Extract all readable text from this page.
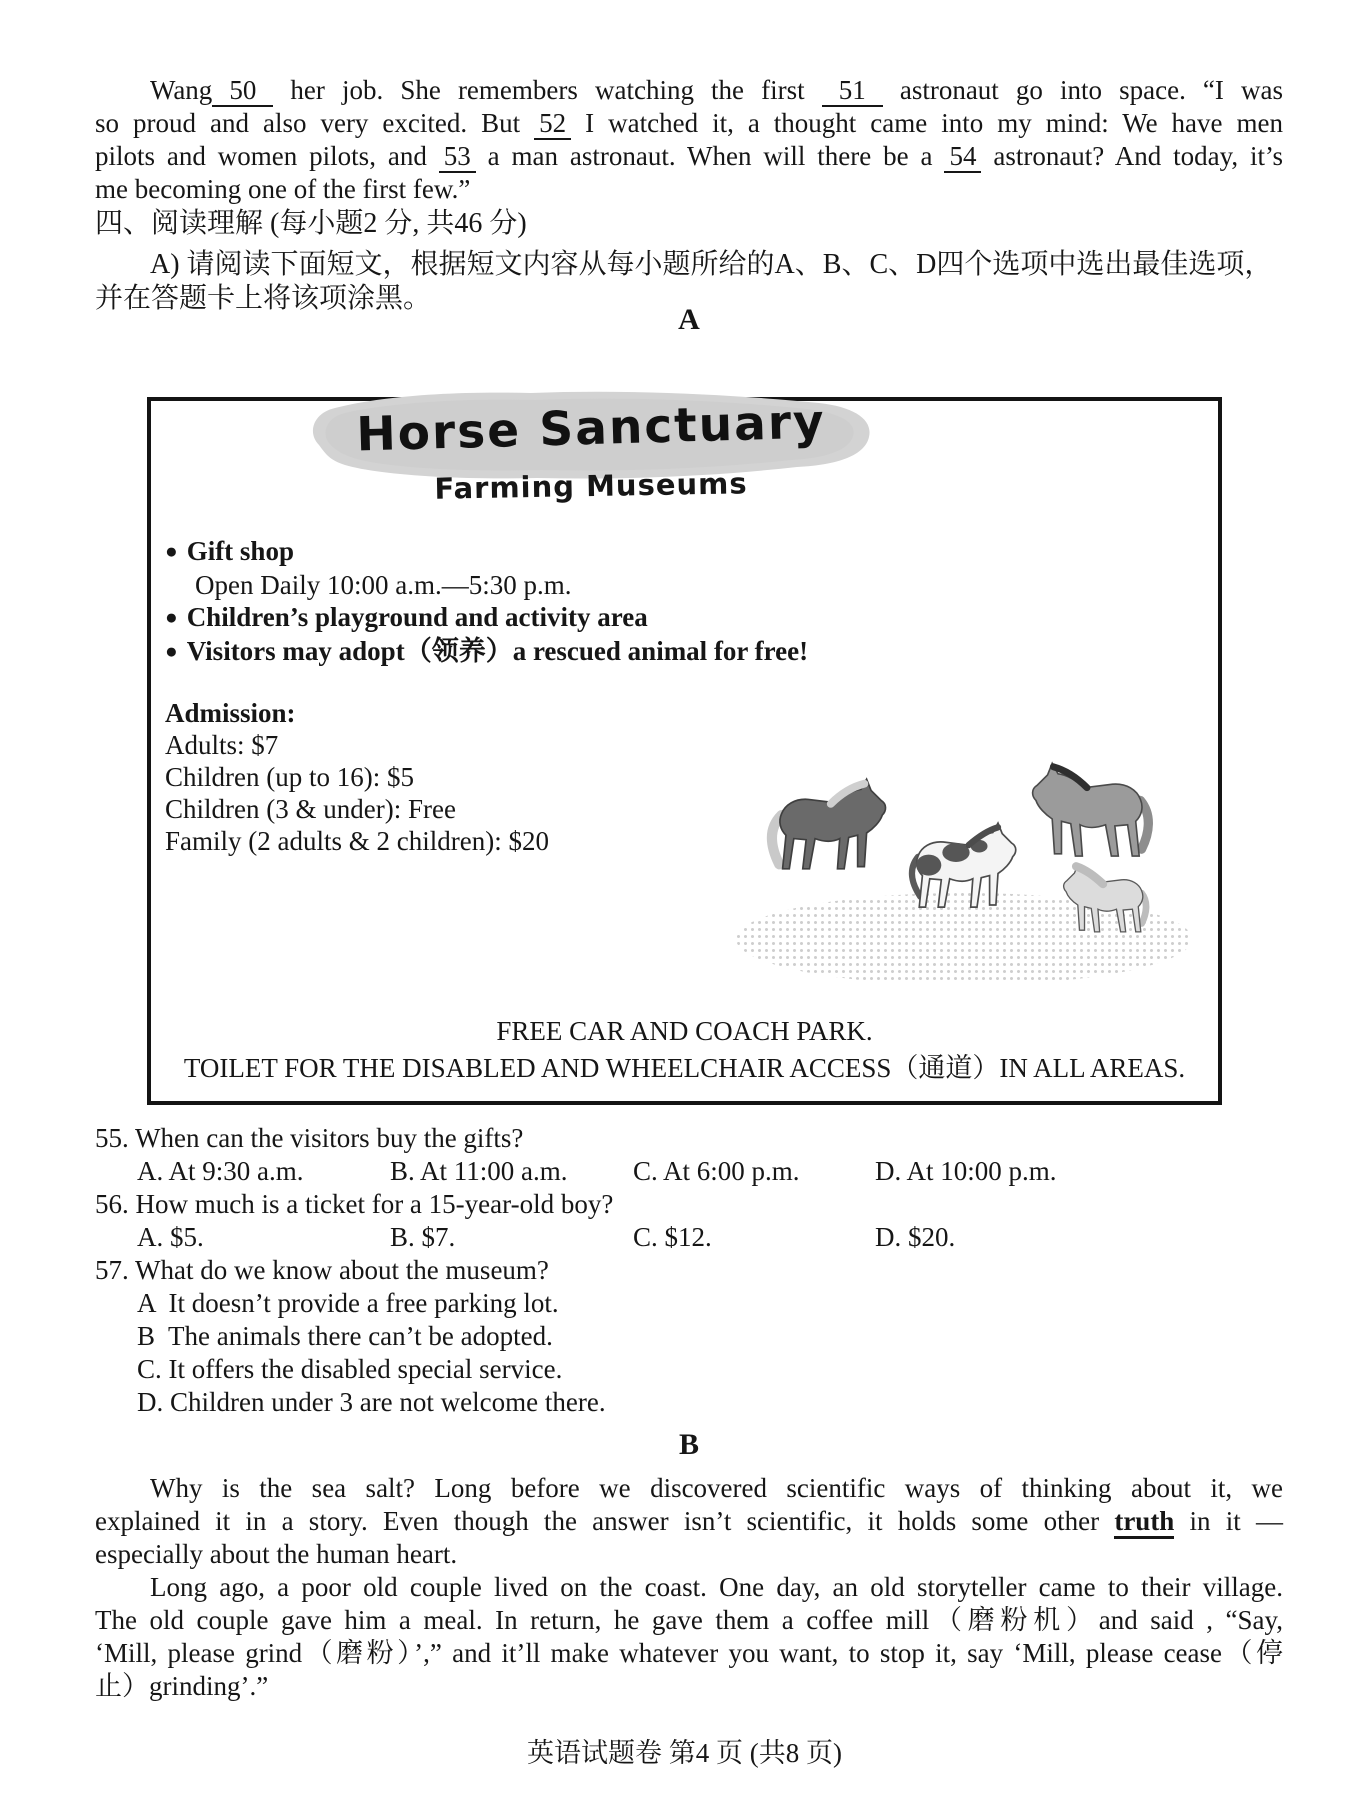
Wang 50 her job. She remembers watching the first 51 astronaut go into space. “I was
so proud and also very excited. But 52 I watched it, a thought came into my mind: We have men
pilots and women pilots, and 53 a man astronaut. When will there be a 54 astronaut? And today, it’s
me becoming one of the first few.”
四、阅读理解 (每小题2 分, 共46 分)
A) 请阅读下面短文，根据短文内容从每小题所给的A、B、C、D四个选项中选出最佳选项，
并在答题卡上将该项涂黑。
A
Horse Sanctuary
Farming Museums
● Gift shop
Open Daily 10:00 a.m.—5:30 p.m.
● Children’s playground and activity area
● Visitors may adopt（领养）a rescued animal for free!
Admission:
Adults: $7
Children (up to 16): $5
Children (3 & under): Free
Family (2 adults & 2 children): $20
FREE CAR AND COACH PARK.
TOILET FOR THE DISABLED AND WHEELCHAIR ACCESS（通道）IN ALL AREAS.
55. When can the visitors buy the gifts?
A. At 9:30 a.m.	B. At 11:00 a.m.	C. At 6:00 p.m.	D. At 10:00 p.m.
56. How much is a ticket for a 15-year-old boy?
A. $5.	B. $7.	C. $12.	D. $20.
57. What do we know about the museum?
A  It doesn’t provide a free parking lot.
B  The animals there can’t be adopted.
C. It offers the disabled special service.
D. Children under 3 are not welcome there.
B
Why is the sea salt? Long before we discovered scientific ways of thinking about it, we
explained it in a story. Even though the answer isn’t scientific, it holds some other truth in it —
especially about the human heart.
Long ago, a poor old couple lived on the coast. One day, an old storyteller came to their village.
The old couple gave him a meal. In return, he gave them a coffee mill（磨粉机）and said , “Say,
‘Mill, please grind（磨粉）’,” and it’ll make whatever you want, to stop it, say ‘Mill, please cease（停
止）grinding’.”
英语试题卷 第4 页 (共8 页)
